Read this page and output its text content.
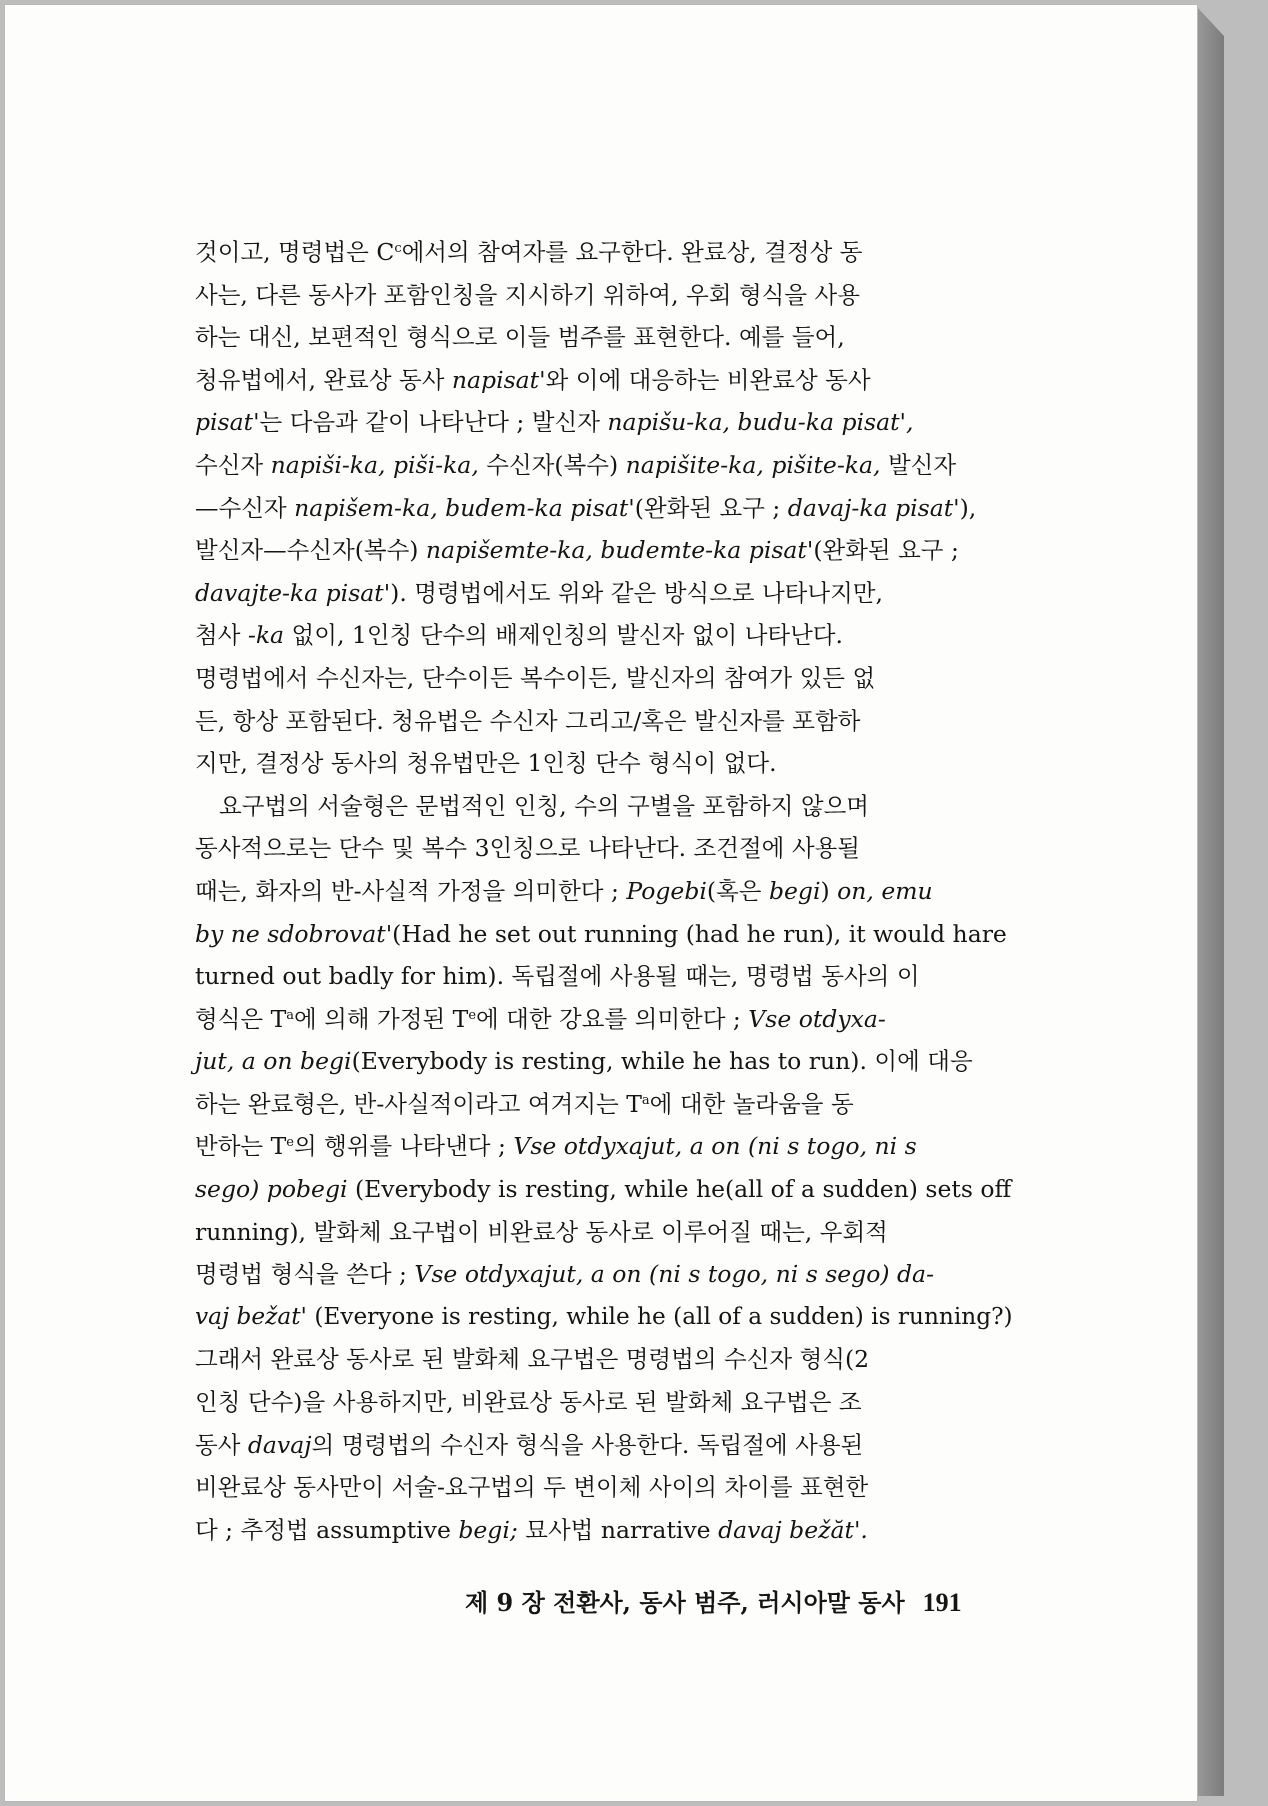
것이고, 명령법은 $C^c$에서의 참여자를 요구한다. 완료상, 결정상 동
사는, 다른 동사가 포함인칭을 지시하기 위하여, 우회 형식을 사용
하는 대신, 보편적인 형식으로 이들 범주를 표현한다. 예를 들어,
청유법에서, 완료상 동사 napisat'와 이에 대응하는 비완료상 동사
pisat'는 다음과 같이 나타난다 ; 발신자 napišu-ka, budu-ka pisat',
수신자 napiši-ka, piši-ka, 수신자(복수) napišite-ka, pišite-ka, 발신자
—수신자 napišem-ka, budem-ka pisat'(완화된 요구 ; davaj-ka pisat'),
발신자—수신자(복수) napišemte-ka, budemte-ka pisat'(완화된 요구 ;
davajte-ka pisat'). 명령법에서도 위와 같은 방식으로 나타나지만,
첨사 -ka 없이, 1인칭 단수의 배제인칭의 발신자 없이 나타난다.
명령법에서 수신자는, 단수이든 복수이든, 발신자의 참여가 있든 없
든, 항상 포함된다. 청유법은 수신자 그리고/혹은 발신자를 포함하
지만, 결정상 동사의 청유법만은 1인칭 단수 형식이 없다.
요구법의 서술형은 문법적인 인칭, 수의 구별을 포함하지 않으며
동사적으로는 단수 및 복수 3인칭으로 나타난다. 조건절에 사용될
때는, 화자의 반-사실적 가정을 의미한다 ; Pogebi(혹은 begi) on, emu
by ne sdobrovat'(Had he set out running (had he run), it would hare
turned out badly for him). 독립절에 사용될 때는, 명령법 동사의 이
형식은 $T^a$에 의해 가정된 $T^e$에 대한 강요를 의미한다 ; Vse otdyxa-
jut, a on begi(Everybody is resting, while he has to run). 이에 대응
하는 완료형은, 반-사실적이라고 여겨지는 $T^a$에 대한 놀라움을 동
반하는 $T^e$의 행위를 나타낸다 ; Vse otdyxajut, a on (ni s togo, ni s
sego) pobegi (Everybody is resting, while he(all of a sudden) sets off
running), 발화체 요구법이 비완료상 동사로 이루어질 때는, 우회적
명령법 형식을 쓴다 ; Vse otdyxajut, a on (ni s togo, ni s sego) da-
vaj bežat' (Everyone is resting, while he (all of a sudden) is running?)
그래서 완료상 동사로 된 발화체 요구법은 명령법의 수신자 형식(2
인칭 단수)을 사용하지만, 비완료상 동사로 된 발화체 요구법은 조
동사 davaj의 명령법의 수신자 형식을 사용한다. 독립절에 사용된
비완료상 동사만이 서술-요구법의 두 변이체 사이의 차이를 표현한
다 ; 추정법 assumptive begi; 묘사법 narrative davaj bežăt'.
제 9 장 전환사, 동사 범주, 러시아말 동사 191
